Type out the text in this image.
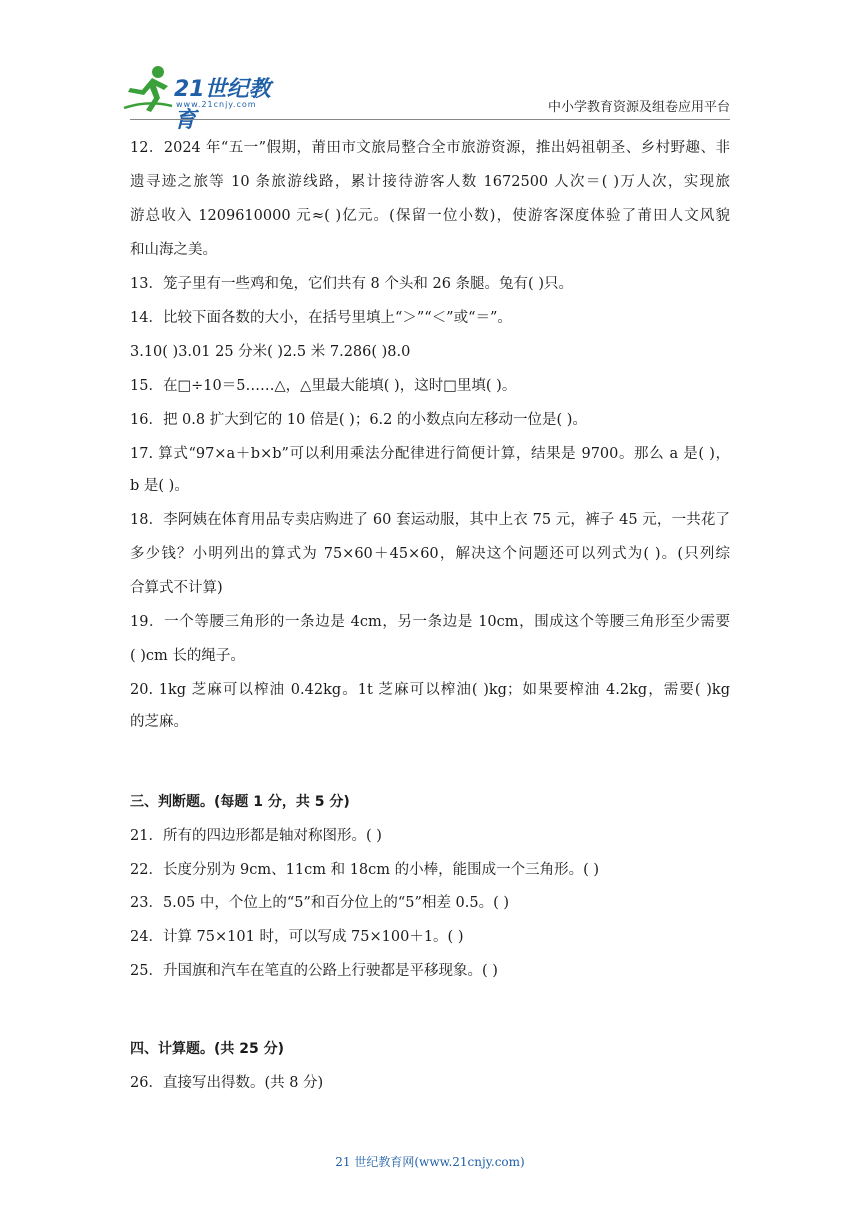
21世纪教育
www.21cnjy.com	中小学教育资源及组卷应用平台
12．2024 年“五一”假期，莆田市文旅局整合全市旅游资源，推出妈祖朝圣、乡村野趣、非
遗寻迹之旅等 10 条旅游线路，累计接待游客人数 1672500 人次＝( )万人次，实现旅
游总收入 1209610000 元≈( )亿元。(保留一位小数)，使游客深度体验了莆田人文风貌
和山海之美。
13．笼子里有一些鸡和兔，它们共有 8 个头和 26 条腿。兔有( )只。
14．比较下面各数的大小，在括号里填上“＞”“＜”或“＝”。
3.10( )3.01 25 分米( )2.5 米 7.286( )8.0
15．在□÷10＝5……△，△里最大能填( )，这时□里填( )。
16．把 0.8 扩大到它的 10 倍是( )；6.2 的小数点向左移动一位是( )。
17. 算式“97×a＋b×b”可以利用乘法分配律进行简便计算，结果是 9700。那么 a 是( )，
b 是( )。
18．李阿姨在体育用品专卖店购进了 60 套运动服，其中上衣 75 元，裤子 45 元，一共花了
多少钱？小明列出的算式为 75×60＋45×60，解决这个问题还可以列式为( )。(只列综
合算式不计算)
19．一个等腰三角形的一条边是 4cm，另一条边是 10cm，围成这个等腰三角形至少需要
( )cm 长的绳子。
20. 1kg 芝麻可以榨油 0.42kg。1t 芝麻可以榨油( )kg；如果要榨油 4.2kg，需要( )kg
的芝麻。
三、判断题。(每题 1 分，共 5 分)
21．所有的四边形都是轴对称图形。( )
22．长度分别为 9cm、11cm 和 18cm 的小棒，能围成一个三角形。( )
23．5.05 中，个位上的“5”和百分位上的“5”相差 0.5。( )
24．计算 75×101 时，可以写成 75×100＋1。( )
25．升国旗和汽车在笔直的公路上行驶都是平移现象。( )
四、计算题。(共 25 分)
26．直接写出得数。(共 8 分)
21 世纪教育网(www.21cnjy.com)
